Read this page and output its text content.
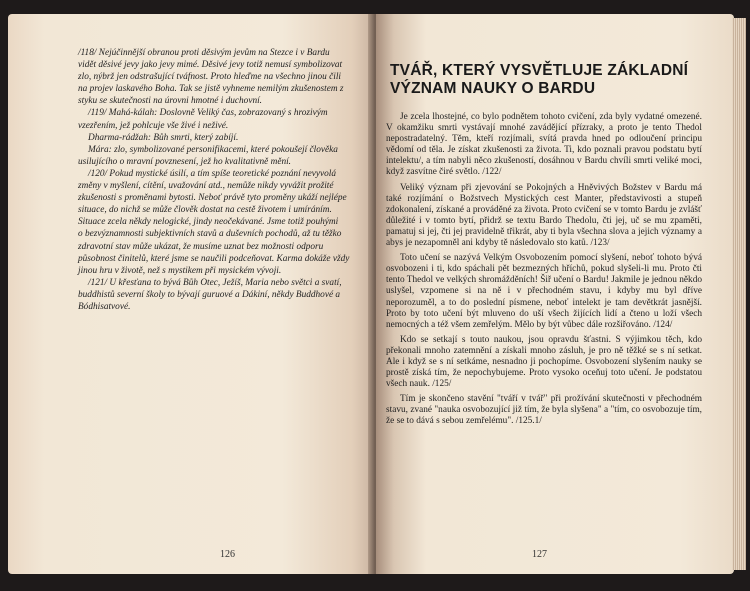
/118/ Nejúčinnější obranou proti děsivým jevům na Stezce i v Bardu

vidět děsivé jevy jako jevy mimé. Děsivé jevy totiž nemusí symbolizovat

zlo, nýbrž jen odstrašující tváfnost. Proto hleďme na všechno jinou čili

na projev laskavého Boha. Tak se jistě vyhneme nemilým zkušenostem z

styku se skutečnosti na úrovni hmotné i duchovní.

/119/ Mahá-kálah: Doslovně Veliký čas, zobrazovaný s hrozivým

vzezřením, jež pohlcuje vše živé i neživé.

Dharma-rádžah: Bůh smrti, který zabíjí.

Mára: zlo, symbolizované personifikacemi, které pokoušejí člověka

usilujícího o mravní povznesení, jež ho kvalitativně mění.

/120/ Pokud mystické úsilí, a tím spíše teoretické poznání nevyvolá

změny v myšlení, cítění, uvažování atd., nemůže nikdy vyvážit prožité

zkušenosti s proměnami bytosti. Neboť právě tyto proměny ukáží nejlépe

situace, do nichž se může člověk dostat na cestě životem i umíráním.

Situace zcela někdy nelogické, jindy neočekávané. Jsme totiž pouhými

o bezvýznamnosti subjektivních stavů a duševních pochodů, až tu těžko

zdravotní stav může ukázat, že musíme uznat bez možnosti odporu

působnost činitelů, které jsme se naučili podceňovat. Karma dokáže vždy

jinou hru v životě, než s mystikem při mysickém vývoji.

/121/ U křesťana to bývá Bůh Otec, Ježíš, Maria nebo světci a svatí,

buddhistů severní školy to bývají guruové a Dákiní, někdy Buddhové a

Bódhisatvové.

126
TVÁŘ, KTERÝ VYSVĚTLUJE ZÁKLADNÍ
VÝZNAM NAUKY O BARDU

Je zcela lhostejné, co bylo podnětem tohoto cvičení, zda byly vydatné omezené. V okamžiku smrti vystávají mnohé zavádějící přízraky, a proto je tento Thedol nepostradatelný. Těm, kteří rozjímali, svítá pravda hned po odloučení principu vědomí od těla. Je získat zkušenosti za života. Ti, kdo poznali pravou podstatu bytí intelektu/, a tím nabyli něco zkušeností, dosáhnou v Bardu chvíli smrti veliké moci, když zasvítne čiré světlo. /122/

Veliký význam při zjevování se Pokojných a Hněvivých Božstev v Bardu má také rozjímání o Božstvech Mystických cest Manter, představivosti a stupeň zdokonalení, získané a prováděné za života. Proto cvičení se v tomto Bardu je zvlášť důležité i v tomto bytí, přidrž se textu Bardo Thedolu, čti jej, uč se mu zpaměti, pamatuj si jej, čti jej pravidelně třikrát, aby ti byla všechna slova a jejich významy a abys je nezapomněl ani kdyby tě následovalo sto katů. /123/

Toto učení se nazývá Velkým Osvobozením pomocí slyšení, neboť tohoto bývá osvobozeni i ti, kdo spáchali pět bezmezných hříchů, pokud slyšeli-li mu. Proto čti tento Thedol ve velkých shromážděních! Šiř učení o Bardu! Jakmile je jednou někdo uslyšel, vzpomene si na ně i v přechodném stavu, i kdyby mu byl dříve neporozuměl, a to do poslední písmene, neboť intelekt je tam devětkrát jasnější. Proto by toto učení být mluveno do uší všech žijících lidí a čteno u loží všech nemocných a též všem zemřelým. Mělo by být vůbec dále rozšiřováno. /124/

Kdo se setkají s touto naukou, jsou opravdu šťastni. S výjimkou těch, kdo překonali mnoho zatemnění a získali mnoho zásluh, je pro ně těžké se s ní setkat. Ale i když se s ní setkáme, nesnadno ji pochopíme. Osvobození slyšením nauky se prostě získá tím, že nepochybujeme. Proto vysoko oceňuj toto učení. Je podstatou všech nauk. /125/

Tím je skončeno stavění "tváří v tvář" při prožívání skutečnosti v přechodném stavu, zvané "nauka osvobozující již tím, že byla slyšena" a "tím, co osvobozuje tím, že se to dává s sebou zemřelému". /125.1/

127
